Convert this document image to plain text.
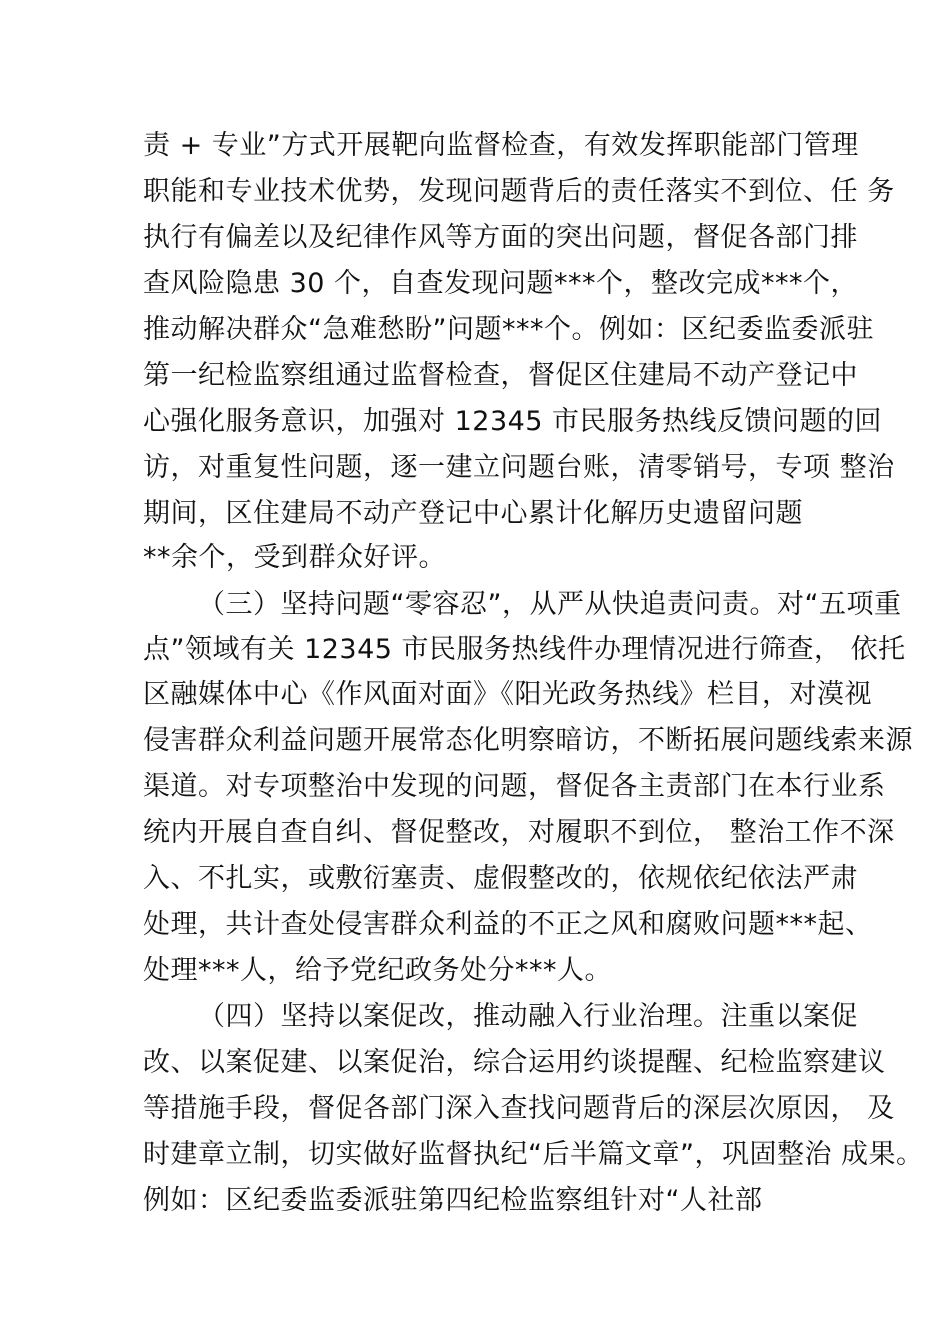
责 + 专业”方式开展靶向监督检查，有效发挥职能部门管理
职能和专业技术优势，发现问题背后的责任落实不到位、任 务
执行有偏差以及纪律作风等方面的突出问题，督促各部门排
查风险隐患 30 个，自查发现问题***个，整改完成***个，
推动解决群众“急难愁盼”问题***个。例如：区纪委监委派驻
第一纪检监察组通过监督检查，督促区住建局不动产登记中
心强化服务意识，加强对 12345 市民服务热线反馈问题的回
访，对重复性问题，逐一建立问题台账，清零销号，专项 整治
期间，区住建局不动产登记中心累计化解历史遗留问题
**余个，受到群众好评。
（三）坚持问题“零容忍”，从严从快追责问责。对“五项重
点”领域有关 12345 市民服务热线件办理情况进行筛查， 依托
区融媒体中心《作风面对面》《阳光政务热线》栏目，对漠视
侵害群众利益问题开展常态化明察暗访，不断拓展问题线索来源
渠道。对专项整治中发现的问题，督促各主责部门在本行业系
统内开展自查自纠、督促整改，对履职不到位， 整治工作不深
入、不扎实，或敷衍塞责、虚假整改的，依规依纪依法严肃
处理，共计查处侵害群众利益的不正之风和腐败问题***起、
处理***人，给予党纪政务处分***人。
（四）坚持以案促改，推动融入行业治理。注重以案促
改、以案促建、以案促治，综合运用约谈提醒、纪检监察建议
等措施手段，督促各部门深入查找问题背后的深层次原因， 及
时建章立制，切实做好监督执纪“后半篇文章”，巩固整治 成果。
例如：区纪委监委派驻第四纪检监察组针对“人社部
